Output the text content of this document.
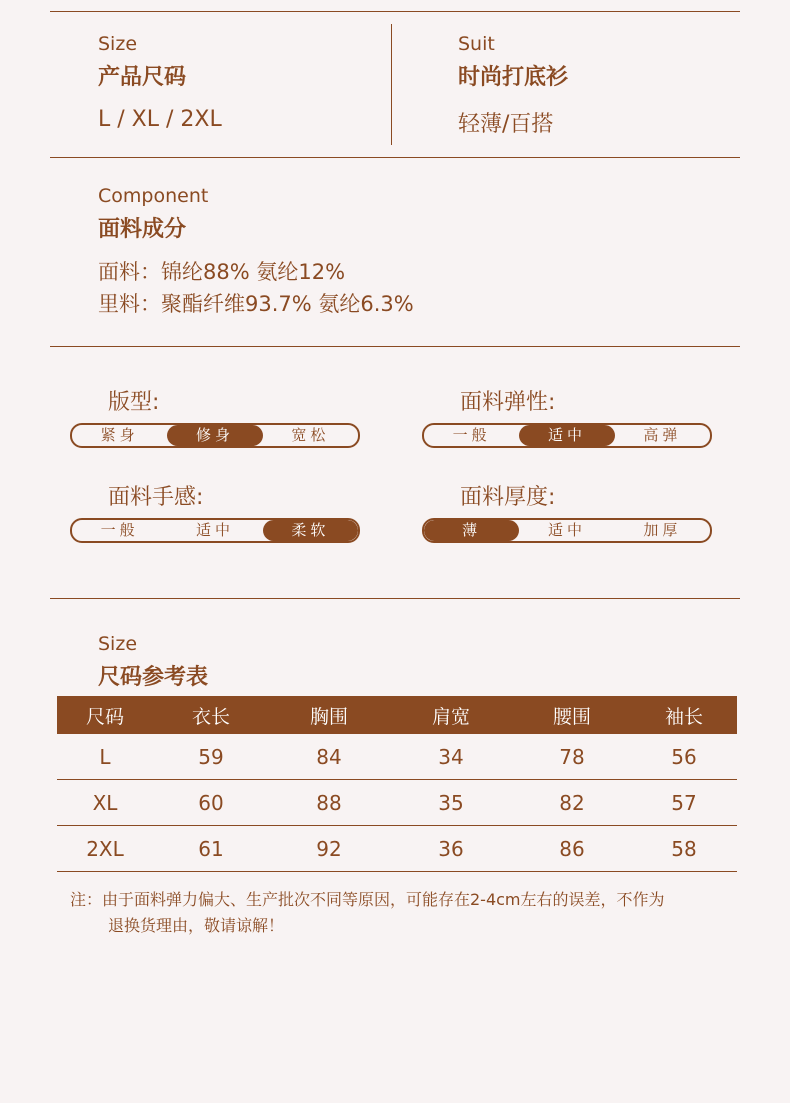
Size
产品尺码
L / XL / 2XL
Suit
时尚打底衫
轻薄/百搭
Component
面料成分
面料：锦纶88% 氨纶12%
里料：聚酯纤维93.7% 氨纶6.3%
版型:
紧身	修身	宽松
面料弹性:
一般	适中	高弹
面料手感:
一般	适中	柔软
面料厚度:
薄	适中	加厚
Size
尺码参考表
尺码	衣长	胸围	肩宽	腰围	袖长
L	59	84	34	78	56
XL	60	88	35	82	57
2XL	61	92	36	86	58
注：由于面料弹力偏大、生产批次不同等原因，可能存在2-4cm左右的误差，不作为
退换货理由，敬请谅解！
